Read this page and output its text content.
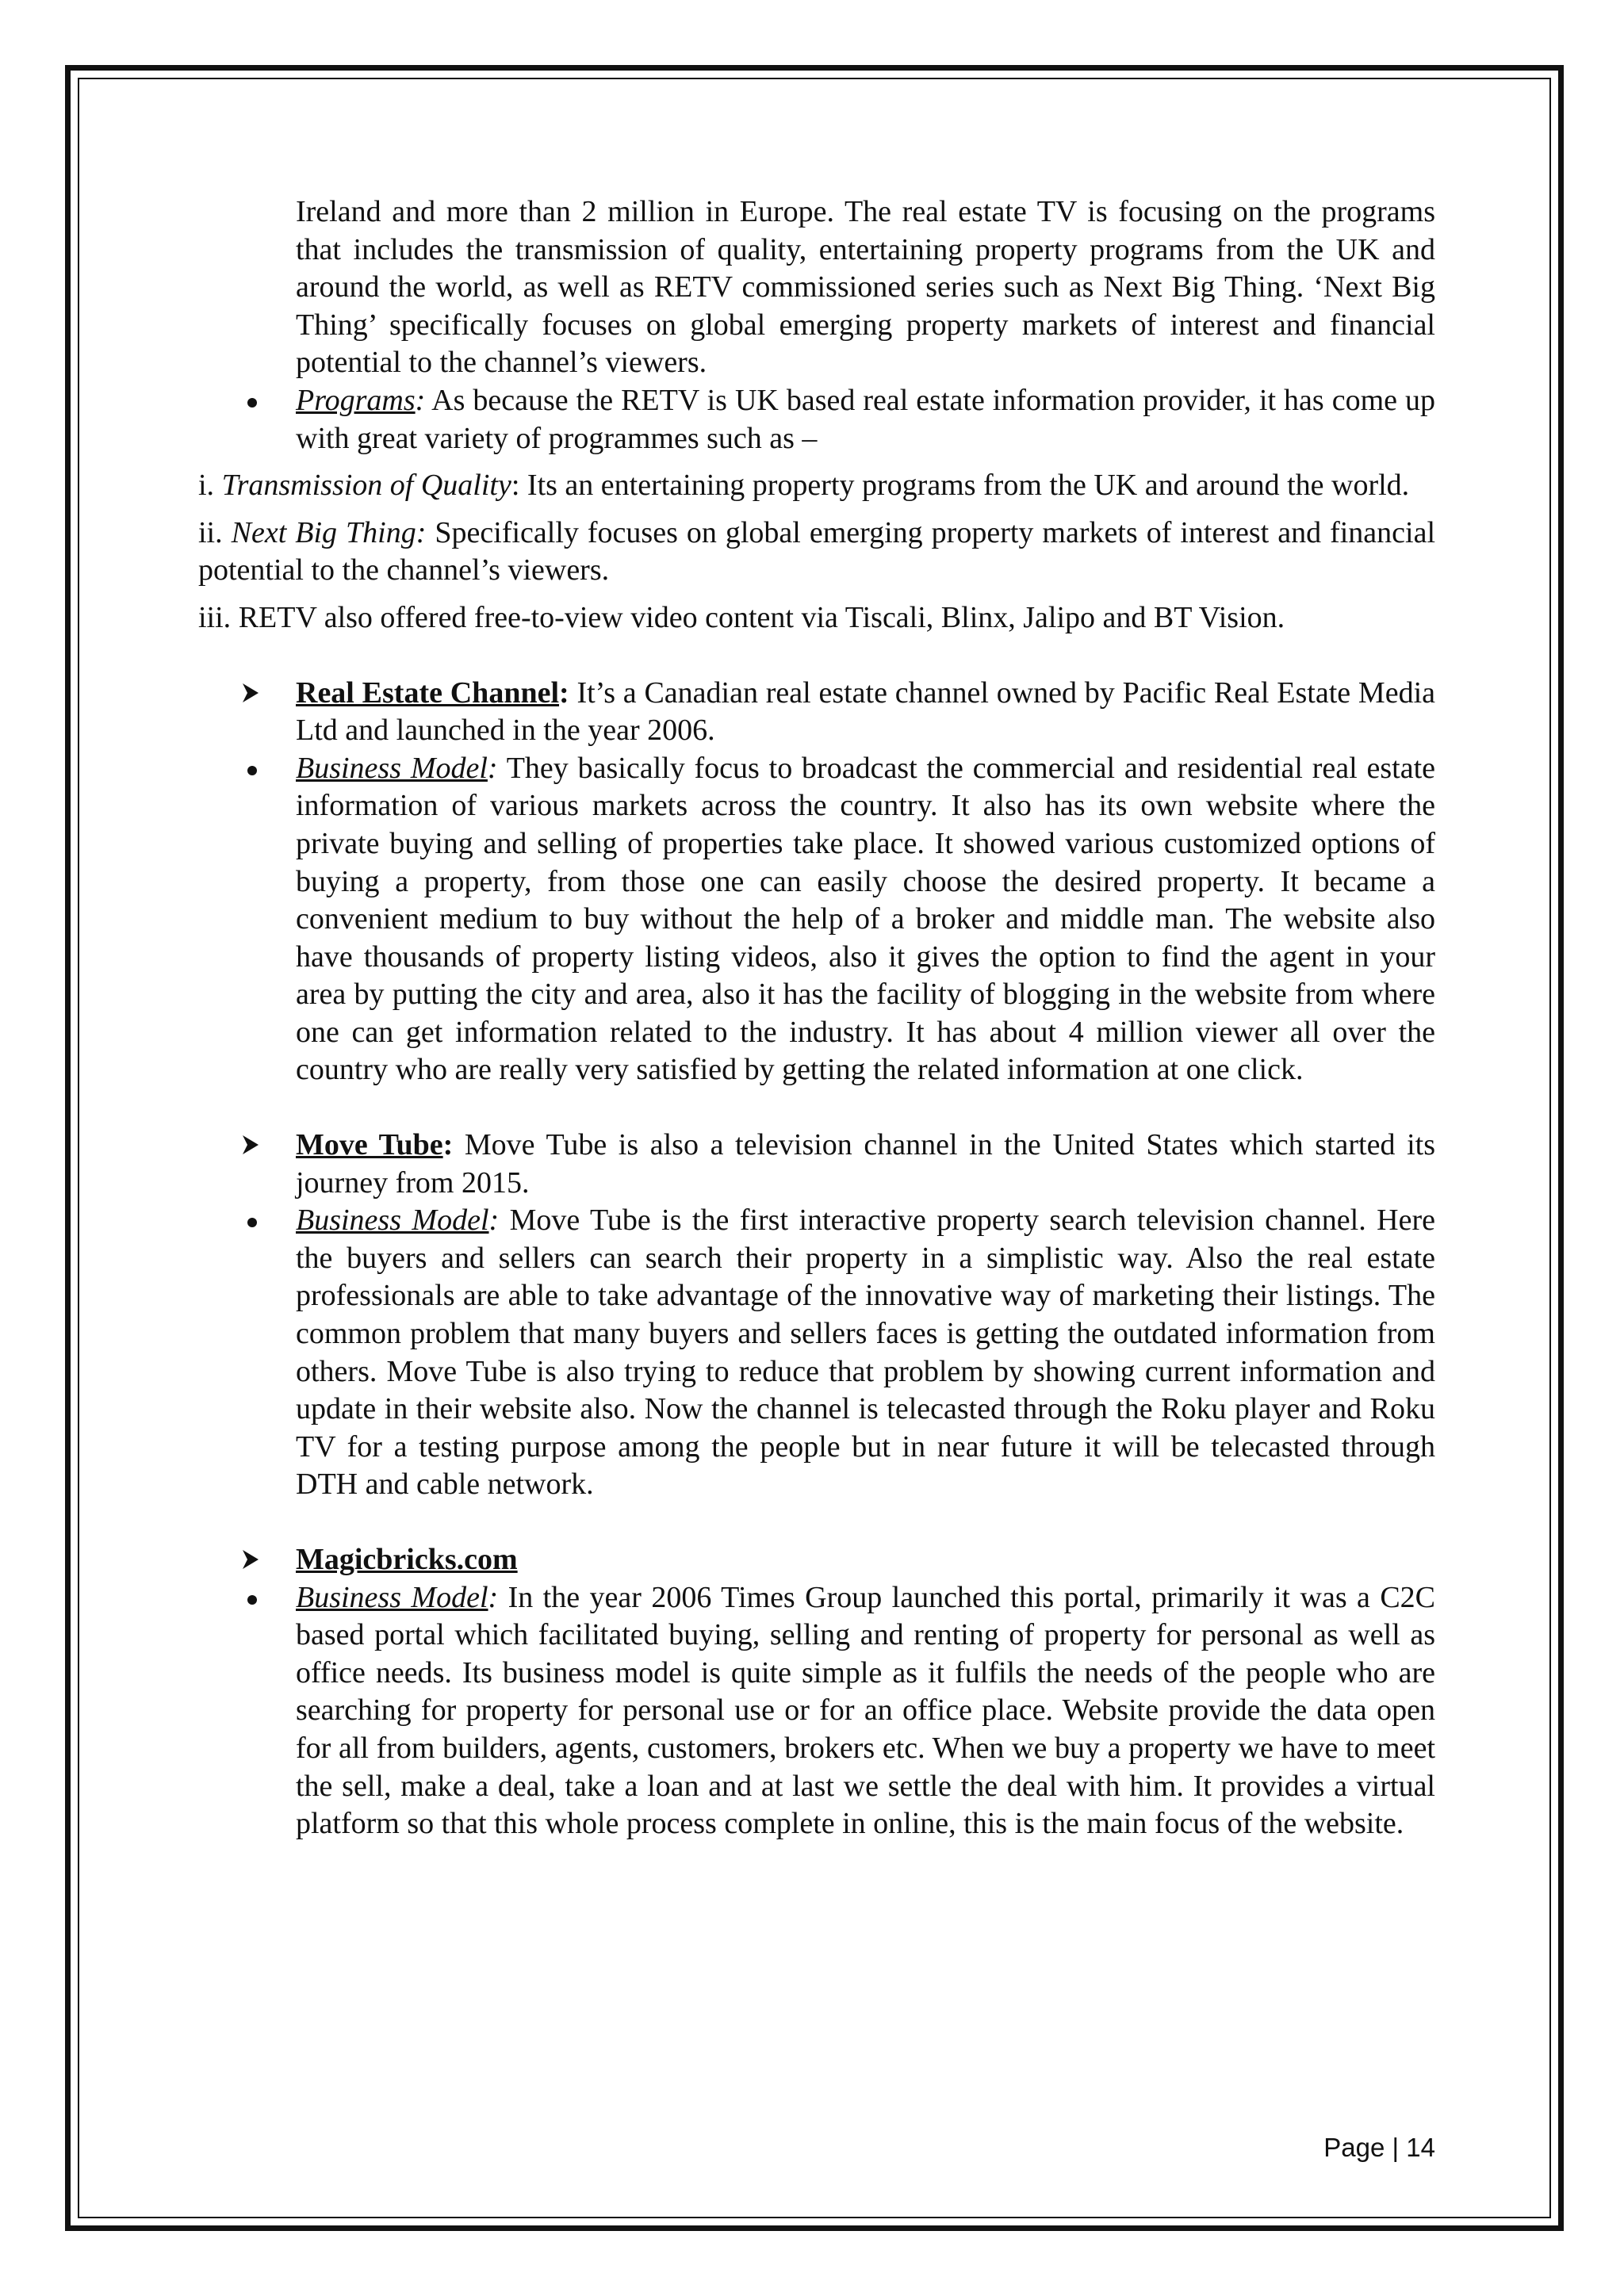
Ireland and more than 2 million in Europe. The real estate TV is focusing on the programs that includes the transmission of quality, entertaining property programs from the UK and around the world, as well as RETV commissioned series such as Next Big Thing. ‘Next Big Thing’ specifically focuses on global emerging property markets of interest and financial potential to the channel’s viewers.

Programs: As because the RETV is UK based real estate information provider, it has come up with great variety of programmes such as –

i. Transmission of Quality: Its an entertaining property programs from the UK and around the world.

ii. Next Big Thing: Specifically focuses on global emerging property markets of interest and financial potential to the channel’s viewers.

iii. RETV also offered free-to-view video content via Tiscali, Blinx, Jalipo and BT Vision.

Real Estate Channel: It’s a Canadian real estate channel owned by Pacific Real Estate Media Ltd and launched in the year 2006.
Business Model: They basically focus to broadcast the commercial and residential real estate information of various markets across the country. It also has its own website where the private buying and selling of properties take place. It showed various customized options of buying a property, from those one can easily choose the desired property. It became a convenient medium to buy without the help of a broker and middle man. The website also have thousands of property listing videos, also it gives the option to find the agent in your area by putting the city and area, also it has the facility of blogging in the website from where one can get information related to the industry. It has about 4 million viewer all over the country who are really very satisfied by getting the related information at one click.
Move Tube: Move Tube is also a television channel in the United States which started its journey from 2015.
Business Model: Move Tube is the first interactive property search television channel. Here the buyers and sellers can search their property in a simplistic way. Also the real estate professionals are able to take advantage of the innovative way of marketing their listings. The common problem that many buyers and sellers faces is getting the outdated information from others. Move Tube is also trying to reduce that problem by showing current information and update in their website also. Now the channel is telecasted through the Roku player and Roku TV for a testing purpose among the people but in near future it will be telecasted through DTH and cable network.
Magicbricks.com
Business Model: In the year 2006 Times Group launched this portal, primarily it was a C2C based portal which facilitated buying, selling and renting of property for personal as well as office needs. Its business model is quite simple as it fulfils the needs of the people who are searching for property for personal use or for an office place. Website provide the data open for all from builders, agents, customers, brokers etc. When we buy a property we have to meet the sell, make a deal, take a loan and at last we settle the deal with him. It provides a virtual platform so that this whole process complete in online, this is the main focus of the website.
Page | 14
